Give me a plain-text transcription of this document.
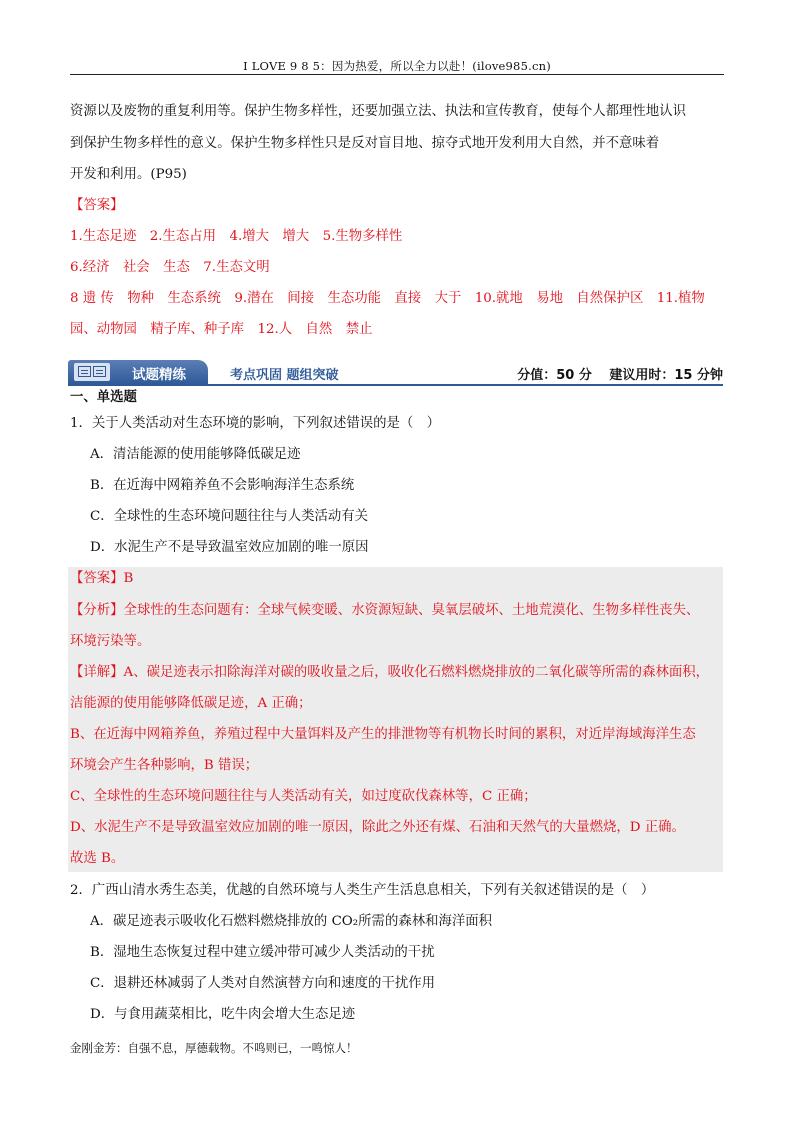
I LOVE 9 8 5：因为热爱，所以全力以赴！(ilove985.cn)
资源以及废物的重复利用等。保护生物多样性，还要加强立法、执法和宣传教育，使每个人都理性地认识
到保护生物多样性的意义。保护生物多样性只是反对盲目地、掠夺式地开发利用大自然，并不意味着
开发和利用。(P95)
【答案】
1.生态足迹　2.生态占用　4.增大　增大　5.生物多样性
6.经济　社会　生态　7.生态文明
8 遗 传　物种　生态系统　9.潜在　间接　生态功能　直接　大于　10.就地　易地　自然保护区　11.植物
园、动物园　精子库、种子库　12.人　自然　禁止
试题精练	考点巩固 题组突破	分值：50 分　 建议用时：15 分钟
一、单选题
1．关于人类活动对生态环境的影响，下列叙述错误的是（　）
A．清洁能源的使用能够降低碳足迹
B．在近海中网箱养鱼不会影响海洋生态系统
C．全球性的生态环境问题往往与人类活动有关
D．水泥生产不是导致温室效应加剧的唯一原因
【答案】B
【分析】全球性的生态问题有：全球气候变暖、水资源短缺、臭氧层破坏、土地荒漠化、生物多样性丧失、
环境污染等。
【详解】A、碳足迹表示扣除海洋对碳的吸收量之后，吸收化石燃料燃烧排放的二氧化碳等所需的森林面积，
洁能源的使用能够降低碳足迹，A 正确；
B、在近海中网箱养鱼，养殖过程中大量饵料及产生的排泄物等有机物长时间的累积，对近岸海域海洋生态
环境会产生各种影响，B 错误；
C、全球性的生态环境问题往往与人类活动有关，如过度砍伐森林等，C 正确；
D、水泥生产不是导致温室效应加剧的唯一原因，除此之外还有煤、石油和天然气的大量燃烧，D 正确。
故选 B。
2．广西山清水秀生态美，优越的自然环境与人类生产生活息息相关，下列有关叙述错误的是（　）
A．碳足迹表示吸收化石燃料燃烧排放的 CO₂所需的森林和海洋面积
B．湿地生态恢复过程中建立缓冲带可减少人类活动的干扰
C．退耕还林减弱了人类对自然演替方向和速度的干扰作用
D．与食用蔬菜相比，吃牛肉会增大生态足迹
金刚金芳：自强不息，厚德载物。不鸣则已，一鸣惊人！
